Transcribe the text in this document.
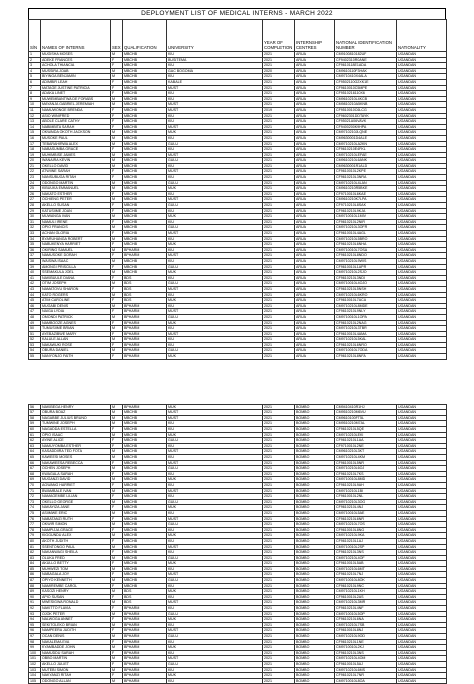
DEPLOYMENT LIST OF MEDICAL INTERNS - MARCH 2022
S/N	NAMES OF INTERNS	SEX	QUALIFICATION	UNIVERSITY	YEAR OF COMPLETION	INTERNSHIP CENTRES	NATIONAL IDENTIFICATION NUMBER	NATIONALITY
1	MUGISHA MOSES	M	MBCHB	KIU	2021	ARUA	CM9100810182UF	UGANDAN
2	ADEKE FRANCES	F	MBCHB	BUSITEMA	2021	ARUA	CF9402310R0ANE	UGANDAN
3	ACHOLA THIANCIA	F	MBCHB	KIU	2021	ARUA	CF9610118E1ADA	UGANDAN
4	MUSSIRA JOAB	M	MBCHB	GAC BOGOMA	2020	ARUA	CM9610110F3HAK	UGANDAN
5	BIYINGA BENJAMIN	M	MBCHB	KIU	2021	ARUA	CM9710410X4ALA	UGANDAN
6	ADIMBIR LEAH	F	MBCHB	KABALE	2021	ARUA	CF9502110G2XK1E	UGANDAN
7	MATAGE JUSTINE PATRICIA	F	MBCHB	MUST	2021	ARUA	CF9610010C5MPE	UGANDAN
8	ADAKA LINET	F	MBCHB	KIU	2021	ARUA	CF9510216110X6	UGANDAN
9	MUWEMBANTWA DE FORABS	M	MBCHB	KIU	2021	ARUA	CM9610210L4KCB	UGANDAN
10	MAYANJA GABRIEL JEREMIAH	M	MBCHB	MUST	2021	ARUA	CM9810210A5KNB	UGANDAN
11	NAMUWONGE BRENDA	F	MBCHB	MUST	2019	ARUA	CF9510010C6LCG	UGANDAN
12	ASIO WINIFRED	F	MBCHB	KIU	2021	ARUA	CF9602301DDTAYK	UGANDAN
13	ABOLE CLARE CATHY	F	MBCHB	KIU	2021	ARUA	CF95021A06VAVK	UGANDAN
14	NABIMBITA SARAH	F	MBCHB	MUST	2021	ARUA	CF9400200K9HPA	UGANDAN
15	OKWAIDA OKOTH JACKSON	M	MBCHB	MUK	2021	ARUA	CM9710210JLQNE	UGANDAN
16	MUSOKE PAUL	M	MBCHB	KIU	2021	ARUA	CM9630001D4ALE	UGANDAN
17	TEBARAHIRWA ALEX	M	MBCHB	GULU	2021	ARUA	CM9710210LA2KN	UGANDAN
18	NABASUMBA GRACE	F	MBCHB	KIU	2021	ARUA	CF9610210E4FKL	UGANDAN
19	MUHIMBISE JAMES	M	MBCHB	MUST	2021	ARUA	CM9710210LEFAE	UGANDAN
20	WANAIRA KEVIN	M	MBCHB	GULU	2021	ARUA	CM9610210L6ANK	UGANDAN
21	OKELLO DAVID	M	MBCHB	KIU	2021	ARUA	CM9630001R1ALD	UGANDAN
22	ATWIINE SARAH	F	MBCHB	MUST	2021	ARUA	CF9610010L2KPE	UGANDAN
23	NANSUBUGA RITAH	F	MBCHB	KIU	2021	ARUA	CF9610210L3NRA	UGANDAN
24	ODONGO MARTIN	M	MBCHB	GULU	2021	ARUA	CM9710210L4LAN	UGANDAN
25	KIBUUKA EMMANUEL	M	MBCHB	MUK	2021	ARUA	CM9610210R5BKE	UGANDAN
26	NAKATO ESTHER	F	MBCHB	KIU	2021	ARUA	CF9710010L6KAE	UGANDAN
27	OCHIENG PETER	M	MBCHB	MUST	2021	ARUA	CM9610210K7LPA	UGANDAN
28	AKELLO SUSAN	F	MBCHB	GULU	2021	ARUA	CF9710210L8SAK	UGANDAN
29	KATUSIIME JOAN	F	MBCHB	KIU	2021	ARUA	CF9610210L9KJA	UGANDAN
30	MUWANGA IVAN	M	MBCHB	MUK	2021	ARUA	CM9710010L1MIV	UGANDAN
31	NAMULI IRENE	F	MBCHB	KIU	2021	ARUA	CF9610210L2NIR	UGANDAN
32	OPIO FRANCIS	M	MBCHB	GULU	2021	ARUA	CM9710210L3OFR	UGANDAN
33	ACHAN GLORIA	F	MBCHB	MUST	2021	ARUA	CF9610010L4AGL	UGANDAN
34	BYARUHANGA ROBERT	M	MBCHB	KIU	2021	ARUA	CM9710210L5BRO	UGANDAN
35	NABUKENYA HARRIET	F	MBCHB	MUK	2021	ARUA	CF9610210L6NHA	UGANDAN
36	OKIRING SAMUEL	M	BPHARM	KIU	2021	ARUA	CM9710010L7OSA	UGANDAN
37	NAMUSOKE DORAH	F	BPHARM	MUST	2021	ARUA	CF9610210L8NDO	UGANDAN
38	WAISWA ISAAC	M	MBCHB	KIU	2021	ARUA	CM9710210L9WIS	UGANDAN
39	AMONGI PRISCILLA	F	MBCHB	GULU	2021	ARUA	CF9610010L1APR	UGANDAN
40	SSEMAKULA JOEL	M	MBCHB	MUK	2021	ARUA	CM9710210L2SJO	UGANDAN
41	NAKIBUULE DIANA	F	BDS	KIU	2021	ARUA	CF9610210L3NDI	UGANDAN
42	OTIM JOSEPH	M	BDS	GULU	2021	ARUA	CM9710010L4OJO	UGANDAN
43	NAMATOVU SHARON	F	BDS	MUST	2021	ARUA	CF9610210L5NSH	UGANDAN
44	KATO ROGERS	M	BDS	KIU	2021	ARUA	CM9710210L6KRO	UGANDAN
45	ATIM CAROLINE	F	BDS	MUK	2021	ARUA	CF9610010L7ACA	UGANDAN
46	MUGABI DENIS	M	BPHARM	KIU	2021	ARUA	CM9710210L8MDE	UGANDAN
47	NAIGA LYDIA	F	BPHARM	MUST	2021	ARUA	CF9610210L9NLY	UGANDAN
48	OMONDI PATRICK	M	BPHARM	GULU	2021	ARUA	CM9710010L1OPA	UGANDAN
49	NAMBOOZE AGNES	F	BPHARM	MUK	2021	ARUA	CF9610210L2NAG	UGANDAN
50	TUMUSIIME BRIAN	M	BPHARM	KIU	2021	ARUA	CM9710210L3TBR	UGANDAN
51	AYEBAZIBWE MARY	F	BPHARM	MUST	2021	ARUA	CF9610010L4AMA	UGANDAN
52	KALULE ALLAN	M	BPHARM	KIU	2021	ARUA	CM9710210L5KAL	UGANDAN
53	NAKAWUKI ROSE	F	BPHARM	KIU	2021	ARUA	CF9610210L6NRO	UGANDAN
54	OBURA DANIEL	M	BPHARM	GULU	2021	ARUA	CM9710010L7ODA	UGANDAN
55	NANYONJO FAITH	F	BPHARM	MUK	2021	ARUA	CF9610210L8NFA	UGANDAN

56	NAKIBEGA HENRY	M	BPHARM	MUK	2021	BOMBO	CM9410410R1HJ	UGANDAN
57	OBURA BOAZ	M	MBCHB	MUST	2021	BOMBO	CM9510210M6VU	UGANDAN
58	NAGABBE JULIUS BRUNO	M	MBCHB	MUST	2021	BOMBO	CM9610100FT5L	UGANDAN
59	TUMWINE JOSEPH	M	MBCHB	KIU	2021	BOMBO	CM9510210M7AL	UGANDAN
60	NAGADDA ESTELLA	F	MBCHB	KIU	2021	BOMBO	CF9610210L5QE	UGANDAN
61	OPIO ISAAC	M	MBCHB	MUK	2021	BOMBO	CM9710210LEKI	UGANDAN
62	AYINE ALICE	F	MBCHB	GULU	2021	BOMBO	CF9610210L1AA	UGANDAN
63	NAMUYOMBA ESTHER	F	MBCHB	KIU	2021	BOMBO	CF9710010L2NE	UGANDAN
64	KASADDIIRA TED FOTA	M	MBCHB	MUST	2021	BOMBO	CM9610210L3KT	UGANDAN
65	KAWEESI MOSES	M	MBCHB	KIU	2021	BOMBO	CM9710210L4KM	UGANDAN
66	NAKAWEESA REBECCA	F	MBCHB	MUST	2021	BOMBO	CF9610010L5NR	UGANDAN
67	OCHEN JOSEPH	M	MBCHB	GULU	2021	BOMBO	CM9710210L6OJ	UGANDAN
68	KWAGALA SARAH	F	MBCHB	KIU	2021	BOMBO	CF9610210L7KS	UGANDAN
69	MUGANZI DAVID	M	MBCHB	MUK	2021	BOMBO	CM9710010L8MD	UGANDAN
70	AGWANG HARRIET	F	MBCHB	KIU	2021	BOMBO	CF9610210L9AH	UGANDAN
71	BWAMBALE IVAN	M	MBCHB	MUST	2021	BOMBO	CM9710210L1BI	UGANDAN
72	NAMAGEMBE LILIAN	F	MBCHB	KIU	2021	BOMBO	CF9610010L2NL	UGANDAN
73	OKELLO GEORGE	M	MBCHB	GULU	2021	BOMBO	CM9710210L3OG	UGANDAN
74	NAKAYIZA JANE	F	MBCHB	MUK	2021	BOMBO	CF9610210L4NJ	UGANDAN
75	ASIIMWE ERIC	M	MBCHB	KIU	2021	BOMBO	CM9710010L5AE	UGANDAN
76	NABATANZI RUTH	F	MBCHB	MUST	2021	BOMBO	CF9610210L6NR	UGANDAN
77	OKWIR SIMON	M	MBCHB	GULU	2021	BOMBO	CM9710210L7OS	UGANDAN
78	NAMPIJJA GRACE	F	MBCHB	KIU	2021	BOMBO	CF9610010L8NG	UGANDAN
79	KIGGUNDU ALEX	M	MBCHB	MUK	2021	BOMBO	CM9710210L9KA	UGANDAN
80	AKOTH JUDITH	F	MBCHB	KIU	2021	BOMBO	CF9610210L1AJ	UGANDAN
81	SSENTONGO PAUL	M	MBCHB	MUST	2021	BOMBO	CM9710010L2SP	UGANDAN
82	NAKANWAGI SHEILA	F	MBCHB	KIU	2021	BOMBO	CF9610210L3NS	UGANDAN
83	OLUKA FRED	M	MBCHB	GULU	2021	BOMBO	CM9710210L4OF	UGANDAN
84	AKULLO BETTY	F	MBCHB	MUK	2021	BOMBO	CF9610010L5AB	UGANDAN
85	MUHWEZI TOM	M	MBCHB	KIU	2021	BOMBO	CM9710210L6MT	UGANDAN
86	NABAGALA JOY	F	MBCHB	MUST	2021	BOMBO	CF9610210L7NJ	UGANDAN
87	OPIYO KENNETH	M	MBCHB	GULU	2021	BOMBO	CM9710010L8OK	UGANDAN
88	NAMIREMBE CAROL	F	MBCHB	KIU	2021	BOMBO	CF9610210L9NC	UGANDAN
89	KASOZI HENRY	M	BDS	MUK	2021	BOMBO	CM9710210L1KH	UGANDAN
90	APIO SUSAN	F	BDS	KIU	2021	BOMBO	CF9610010L2AS	UGANDAN
91	MWESIGWA RONALD	M	BDS	MUST	2021	BOMBO	CM9710210L3MR	UGANDAN
92	NAKITTO FLAVIA	F	BPHARM	KIU	2021	BOMBO	CF9610210L4NF	UGANDAN
93	OJOK PETER	M	BPHARM	GULU	2021	BOMBO	CM9710010L5OP	UGANDAN
94	NALWOGA ANNET	F	BPHARM	MUK	2021	BOMBO	CF9610210L6NA	UGANDAN
95	SEKITOLEKO BRIAN	M	BPHARM	KIU	2021	BOMBO	CM9710210L7SB	UGANDAN
96	NAMPEERA JUDITH	F	BPHARM	MUST	2021	BOMBO	CF9610010L8NJ	UGANDAN
97	OCAN DENIS	M	BPHARM	GULU	2021	BOMBO	CM9710210L9OD	UGANDAN
98	NAKALEMA EVA	F	BPHARM	KIU	2021	BOMBO	CF9610210L1NE	UGANDAN
99	KYAMBADDE JOHN	M	BPHARM	MUK	2021	BOMBO	CM9710010L2KJ	UGANDAN
100	NAMUDDU SARAH	F	BPHARM	KIU	2021	BOMBO	CF9610210L3NS	UGANDAN
101	OBBO MARTIN	M	BPHARM	MUST	2021	BOMBO	CM9710210L4OM	UGANDAN
102	AKELLO JULIET	F	BPHARM	GULU	2021	BOMBO	CF9610010L5AJ	UGANDAN
103	MUTEBI SIMON	M	BPHARM	KIU	2021	BOMBO	CM9710210L6MS	UGANDAN
104	NAKYANZI RITAH	F	BPHARM	MUK	2021	BOMBO	CF9610210L7NR	UGANDAN
105	ODONGO ALLAN	M	BPHARM	KIU	2021	BOMBO	CM9710010L8OA	UGANDAN
